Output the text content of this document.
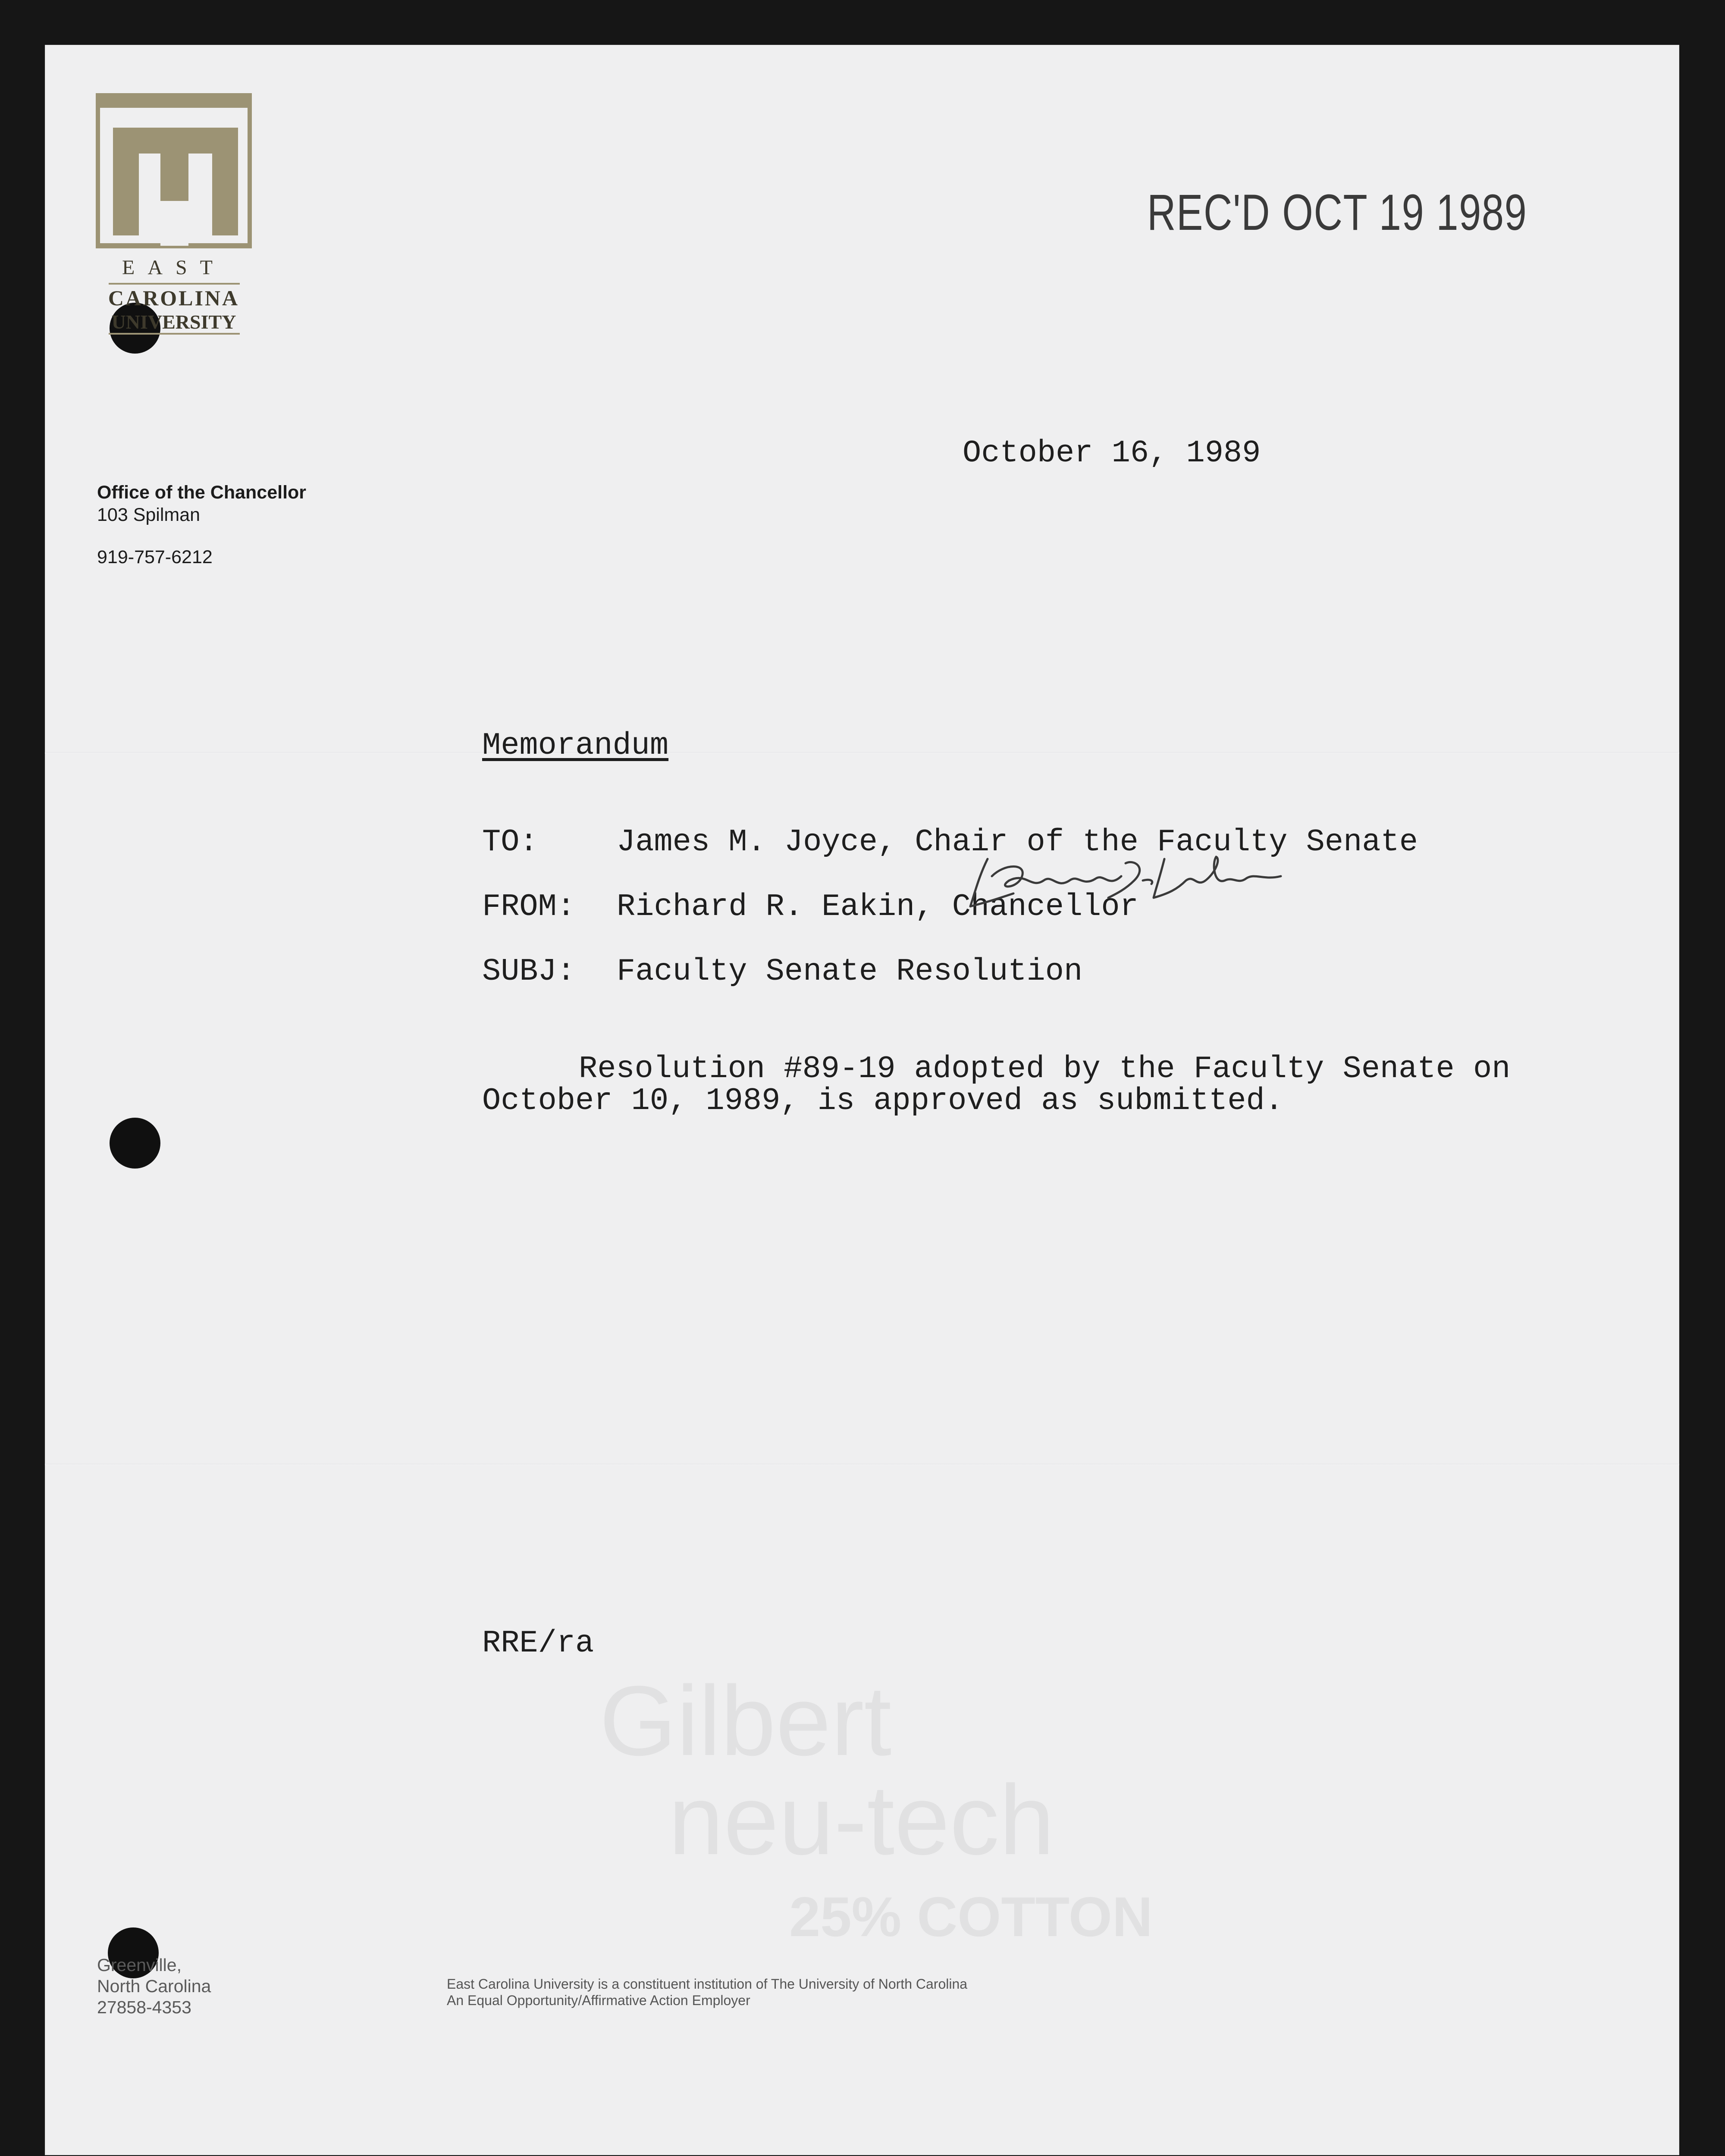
EAST
CAROLINA
UNIVERSITY
Office of the Chancellor
103 Spilman
919-757-6212
REC'D OCT 19 1989
October 16, 1989
Memorandum
TO:	James M. Joyce, Chair of the Faculty Senate
FROM: Richard R. Eakin, Chancellor
SUBJ: Faculty Senate Resolution
Resolution #89-19 adopted by the Faculty Senate on
October 10, 1989, is approved as submitted.
RRE/ra
Gilbert
neu-tech
25% COTTON
Greenville,
North Carolina
27858-4353
East Carolina University is a constituent institution of The University of North Carolina
An Equal Opportunity/Affirmative Action Employer
